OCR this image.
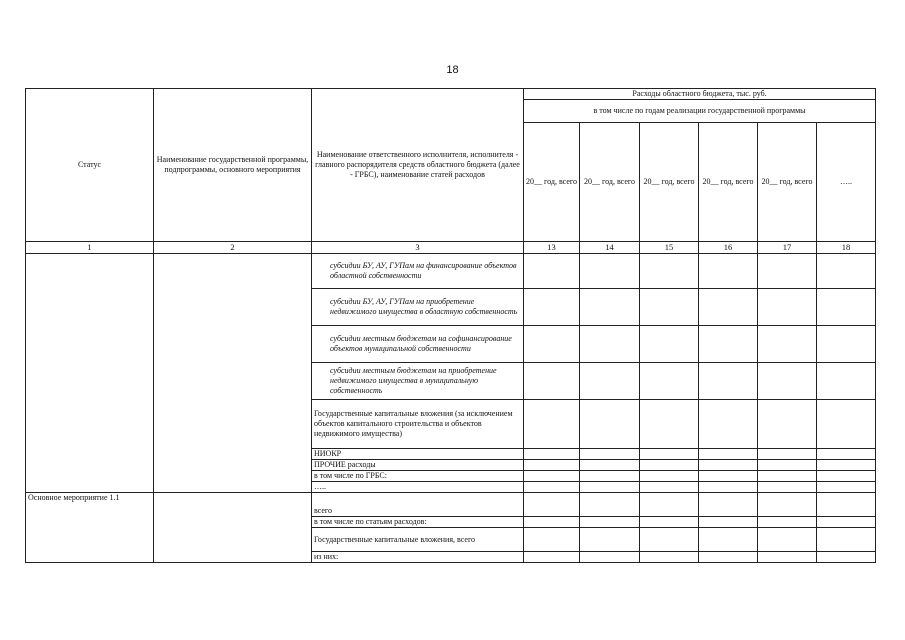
18
Статус	Наименование государственной программы, подпрограммы, основного мероприятия	Наименование ответственного исполнителя, исполнителя - главного распорядителя средств областного бюджета (далее - ГРБС), наименование статей расходов	Расходы областного бюджета, тыс. руб.					
			в том числе по годам реализации государственной программы					
			20__ год, всего	20__ год, всего	20__ год, всего	20__ год, всего	20__ год, всего	…..
1	2	3	13	14	15	16	17	18
		субсидии БУ, АУ, ГУПам на финансирование объектов областной собственности						
		субсидии БУ, АУ, ГУПам на приобретение недвижимого имущества в областную собственность						
		субсидии местным бюджетам на софинансирование объектов муниципальной собственности						
		субсидии местным бюджетам на приобретение недвижимого имущества в муниципальную собственность						
		Государственные капитальные вложения (за исключением объектов капитального строительства и объектов недвижимого имущества)						
		НИОКР						
		ПРОЧИЕ расходы						
		в том числе по ГРБС:						
		…..						
Основное мероприятие 1.1		всего						
		в том числе по статьям расходов:						
		Государственные капитальные вложения, всего						
		из них:						
